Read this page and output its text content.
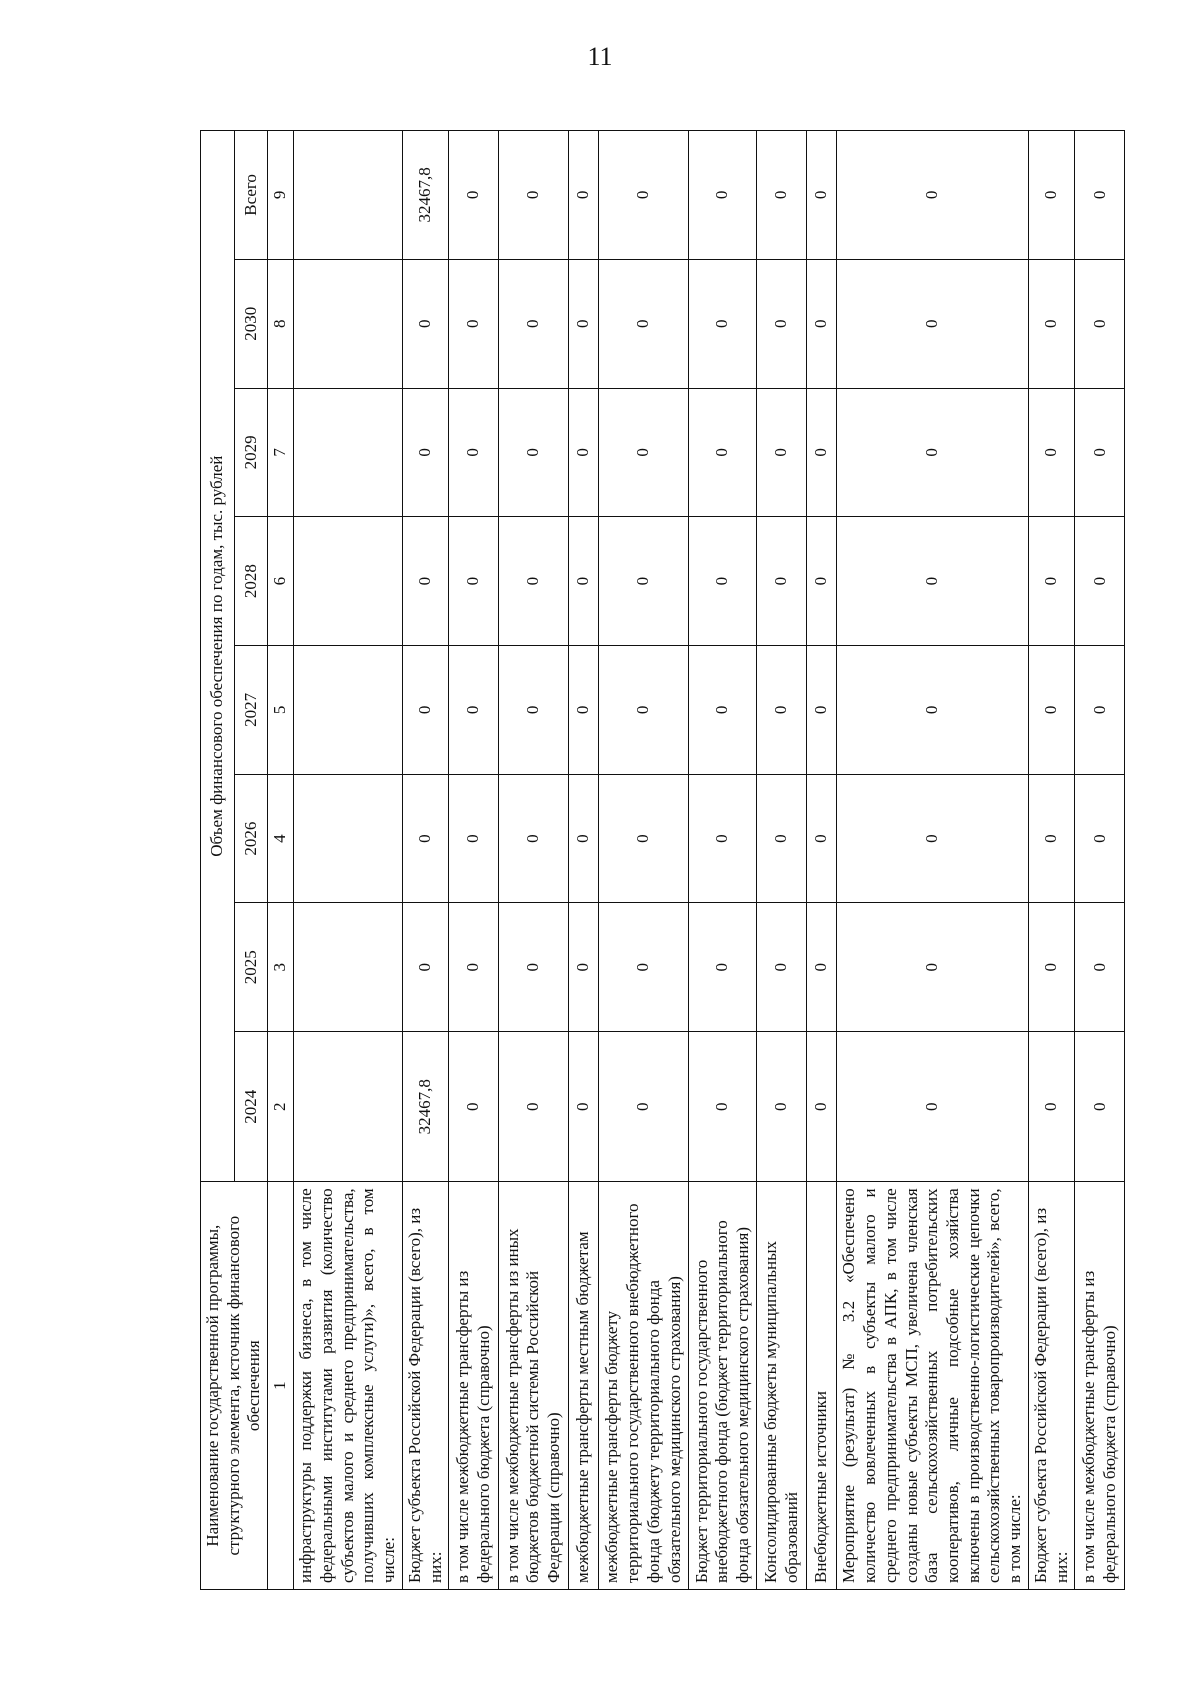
11
Наименование государственной программы, структурного элемента, источник финансового обеспечения	Объем финансового обеспечения по годам, тыс. рублей							
	2024	2025	2026	2027	2028	2029	2030	Всего
1	2	3	4	5	6	7	8	9
инфраструктуры поддержки бизнеса, в том числе федеральными институтами развития (количество субъектов малого и среднего предпринимательства, получивших комплексные услуги)», всего, в том числе:								
Бюджет субъекта Российской Федерации (всего), из них:	32467,8	0	0	0	0	0	0	32467,8
в том числе межбюджетные трансферты из федерального бюджета (справочно)	0	0	0	0	0	0	0	0
в том числе межбюджетные трансферты из иных бюджетов бюджетной системы Российской Федерации (справочно)	0	0	0	0	0	0	0	0
межбюджетные трансферты местным бюджетам	0	0	0	0	0	0	0	0
межбюджетные трансферты бюджету территориального государственного внебюджетного фонда (бюджету территориального фонда обязательного медицинского страхования)	0	0	0	0	0	0	0	0
Бюджет территориального государственного внебюджетного фонда (бюджет территориального фонда обязательного медицинского страхования)	0	0	0	0	0	0	0	0
Консолидированные бюджеты муниципальных образований	0	0	0	0	0	0	0	0
Внебюджетные источники	0	0	0	0	0	0	0	0
Мероприятие (результат) № 3.2 «Обеспечено количество вовлеченных в субъекты малого и среднего предпринимательства в АПК, в том числе созданы новые субъекты МСП, увеличена членская база сельскохозяйственных потребительских кооперативов, личные подсобные хозяйства включены в производственно-логистические цепочки сельскохозяйственных товаропроизводителей», всего, в том числе:	0	0	0	0	0	0	0	0
Бюджет субъекта Российской Федерации (всего), из них:	0	0	0	0	0	0	0	0
в том числе межбюджетные трансферты из федерального бюджета (справочно)	0	0	0	0	0	0	0	0
